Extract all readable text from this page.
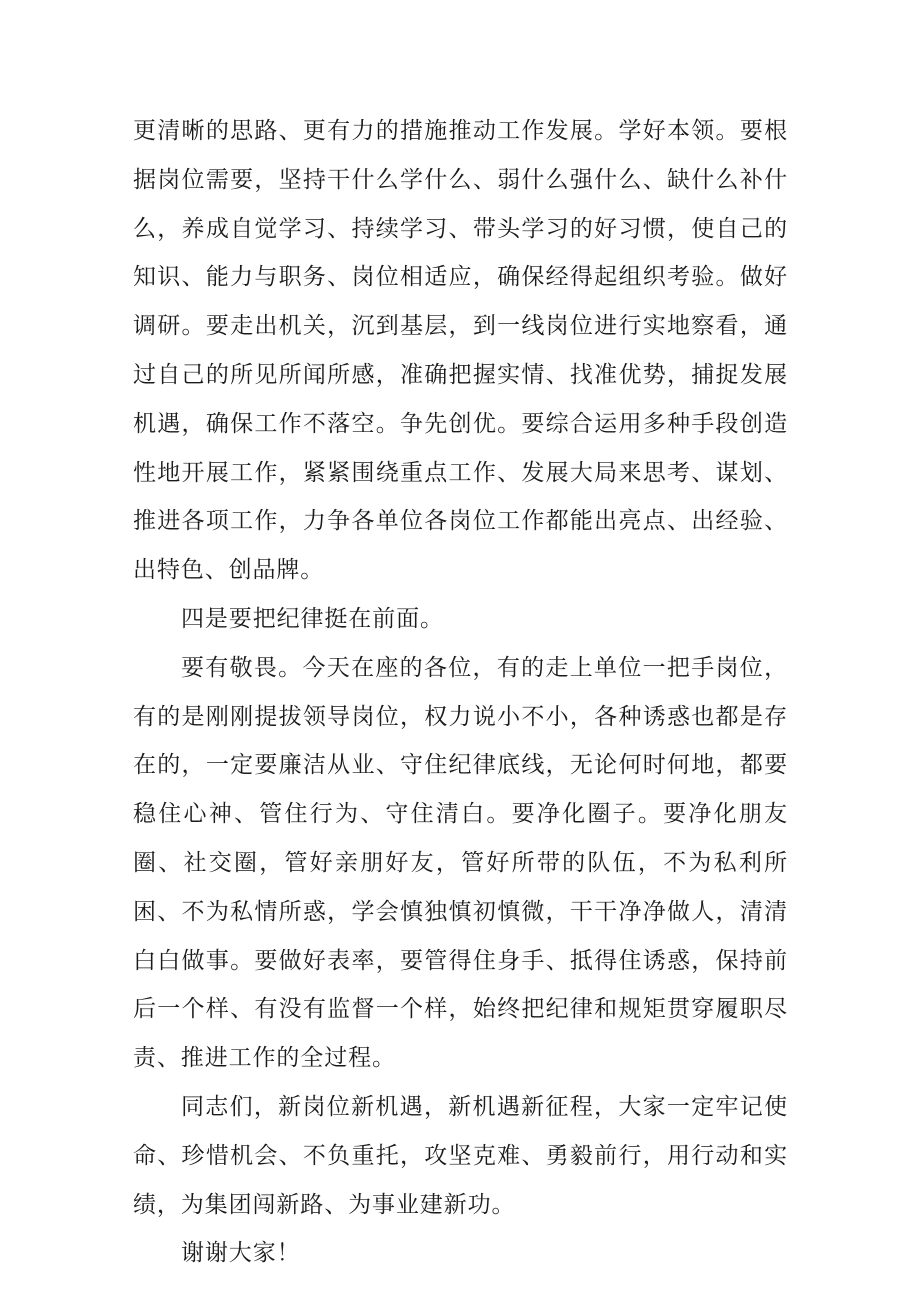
更清晰的思路、更有力的措施推动工作发展。学好本领。要根据岗位需要，坚持干什么学什么、弱什么强什么、缺什么补什么，养成自觉学习、持续学习、带头学习的好习惯，使自己的知识、能力与职务、岗位相适应，确保经得起组织考验。做好调研。要走出机关，沉到基层，到一线岗位进行实地察看，通过自己的所见所闻所感，准确把握实情、找准优势，捕捉发展机遇，确保工作不落空。争先创优。要综合运用多种手段创造性地开展工作，紧紧围绕重点工作、发展大局来思考、谋划、推进各项工作，力争各单位各岗位工作都能出亮点、出经验、出特色、创品牌。

四是要把纪律挺在前面。

要有敬畏。今天在座的各位，有的走上单位一把手岗位，有的是刚刚提拔领导岗位，权力说小不小，各种诱惑也都是存在的，一定要廉洁从业、守住纪律底线，无论何时何地，都要稳住心神、管住行为、守住清白。要净化圈子。要净化朋友圈、社交圈，管好亲朋好友，管好所带的队伍，不为私利所困、不为私情所惑，学会慎独慎初慎微，干干净净做人，清清白白做事。要做好表率，要管得住身手、抵得住诱惑，保持前后一个样、有没有监督一个样，始终把纪律和规矩贯穿履职尽责、推进工作的全过程。

同志们，新岗位新机遇，新机遇新征程，大家一定牢记使命、珍惜机会、不负重托，攻坚克难、勇毅前行，用行动和实绩，为集团闯新路、为事业建新功。

谢谢大家！
